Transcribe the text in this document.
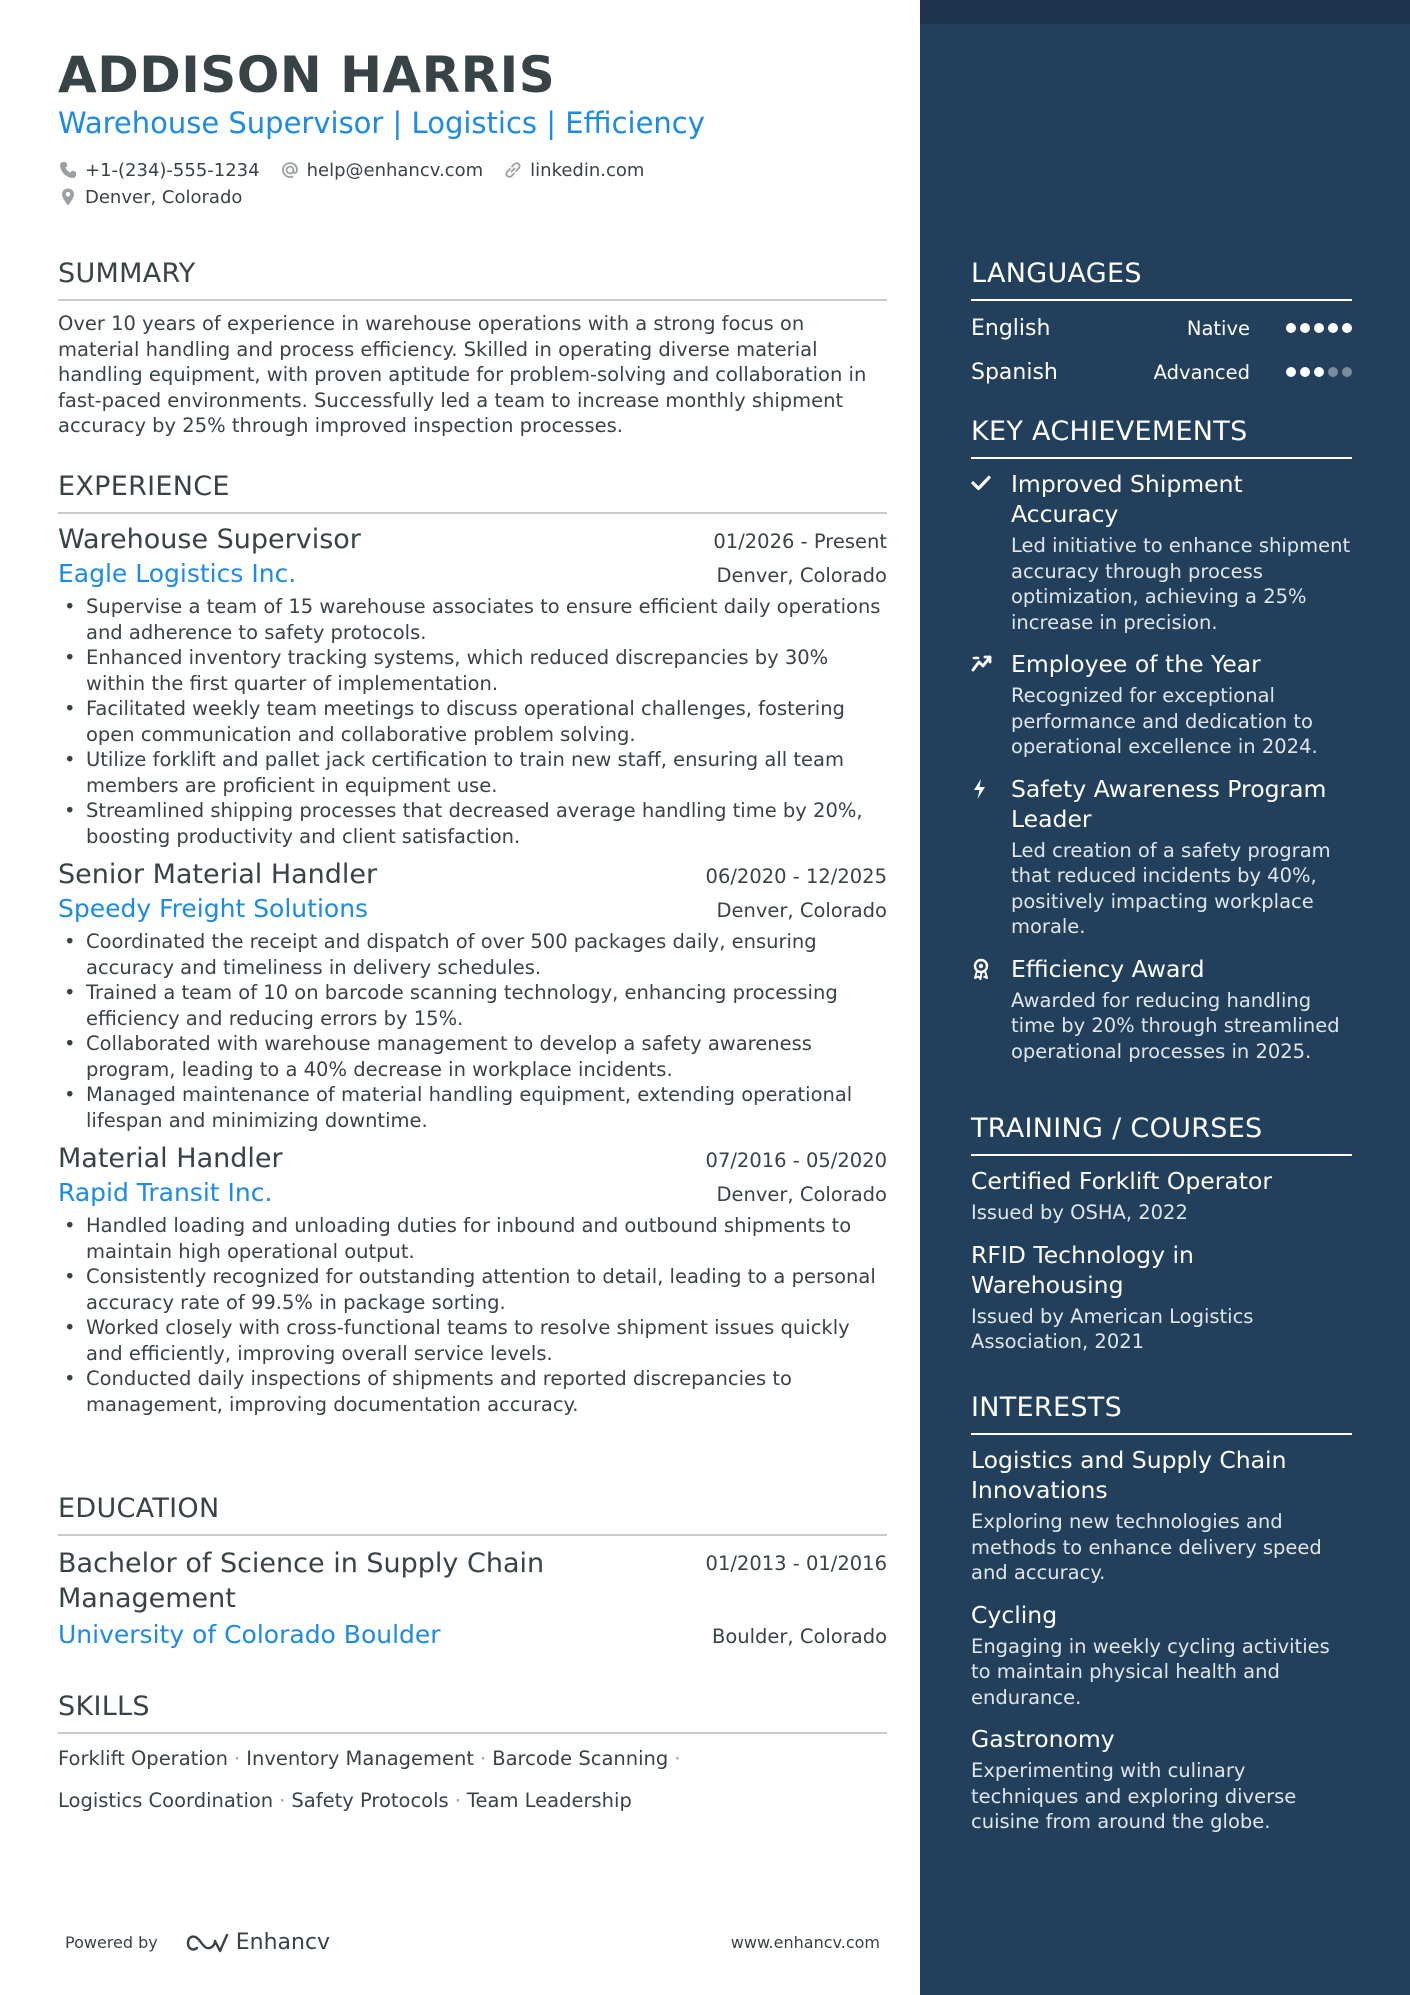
ADDISON HARRIS
Warehouse Supervisor | Logistics | Efficiency
+1-(234)-555-1234	help@enhancv.com	linkedin.com
Denver, Colorado
SUMMARY
Over 10 years of experience in warehouse operations with a strong focus on material handling and process efficiency. Skilled in operating diverse material handling equipment, with proven aptitude for problem-solving and collaboration in fast-paced environments. Successfully led a team to increase monthly shipment accuracy by 25% through improved inspection processes.
EXPERIENCE
Warehouse Supervisor	01/2026 - Present
Eagle Logistics Inc.	Denver, Colorado
• Supervise a team of 15 warehouse associates to ensure efficient daily operations and adherence to safety protocols.
• Enhanced inventory tracking systems, which reduced discrepancies by 30% within the first quarter of implementation.
• Facilitated weekly team meetings to discuss operational challenges, fostering open communication and collaborative problem solving.
• Utilize forklift and pallet jack certification to train new staff, ensuring all team members are proficient in equipment use.
• Streamlined shipping processes that decreased average handling time by 20%, boosting productivity and client satisfaction.
Senior Material Handler	06/2020 - 12/2025
Speedy Freight Solutions	Denver, Colorado
• Coordinated the receipt and dispatch of over 500 packages daily, ensuring accuracy and timeliness in delivery schedules.
• Trained a team of 10 on barcode scanning technology, enhancing processing efficiency and reducing errors by 15%.
• Collaborated with warehouse management to develop a safety awareness program, leading to a 40% decrease in workplace incidents.
• Managed maintenance of material handling equipment, extending operational lifespan and minimizing downtime.
Material Handler	07/2016 - 05/2020
Rapid Transit Inc.	Denver, Colorado
• Handled loading and unloading duties for inbound and outbound shipments to maintain high operational output.
• Consistently recognized for outstanding attention to detail, leading to a personal accuracy rate of 99.5% in package sorting.
• Worked closely with cross-functional teams to resolve shipment issues quickly and efficiently, improving overall service levels.
• Conducted daily inspections of shipments and reported discrepancies to management, improving documentation accuracy.
EDUCATION
Bachelor of Science in Supply Chain Management
01/2013 - 01/2016
University of Colorado Boulder	Boulder, Colorado
SKILLS
Forklift Operation · Inventory Management · Barcode Scanning ·
Logistics Coordination · Safety Protocols · Team Leadership
Powered by	Enhancv	www.enhancv.com
LANGUAGES
English	Native
Spanish	Advanced
KEY ACHIEVEMENTS
Improved Shipment Accuracy
Led initiative to enhance shipment accuracy through process optimization, achieving a 25% increase in precision.
Employee of the Year
Recognized for exceptional performance and dedication to operational excellence in 2024.
Safety Awareness Program Leader
Led creation of a safety program that reduced incidents by 40%, positively impacting workplace morale.
Efficiency Award
Awarded for reducing handling time by 20% through streamlined operational processes in 2025.
TRAINING / COURSES
Certified Forklift Operator
Issued by OSHA, 2022
RFID Technology in Warehousing
Issued by American Logistics Association, 2021
INTERESTS
Logistics and Supply Chain Innovations
Exploring new technologies and methods to enhance delivery speed and accuracy.
Cycling
Engaging in weekly cycling activities to maintain physical health and endurance.
Gastronomy
Experimenting with culinary techniques and exploring diverse cuisine from around the globe.
